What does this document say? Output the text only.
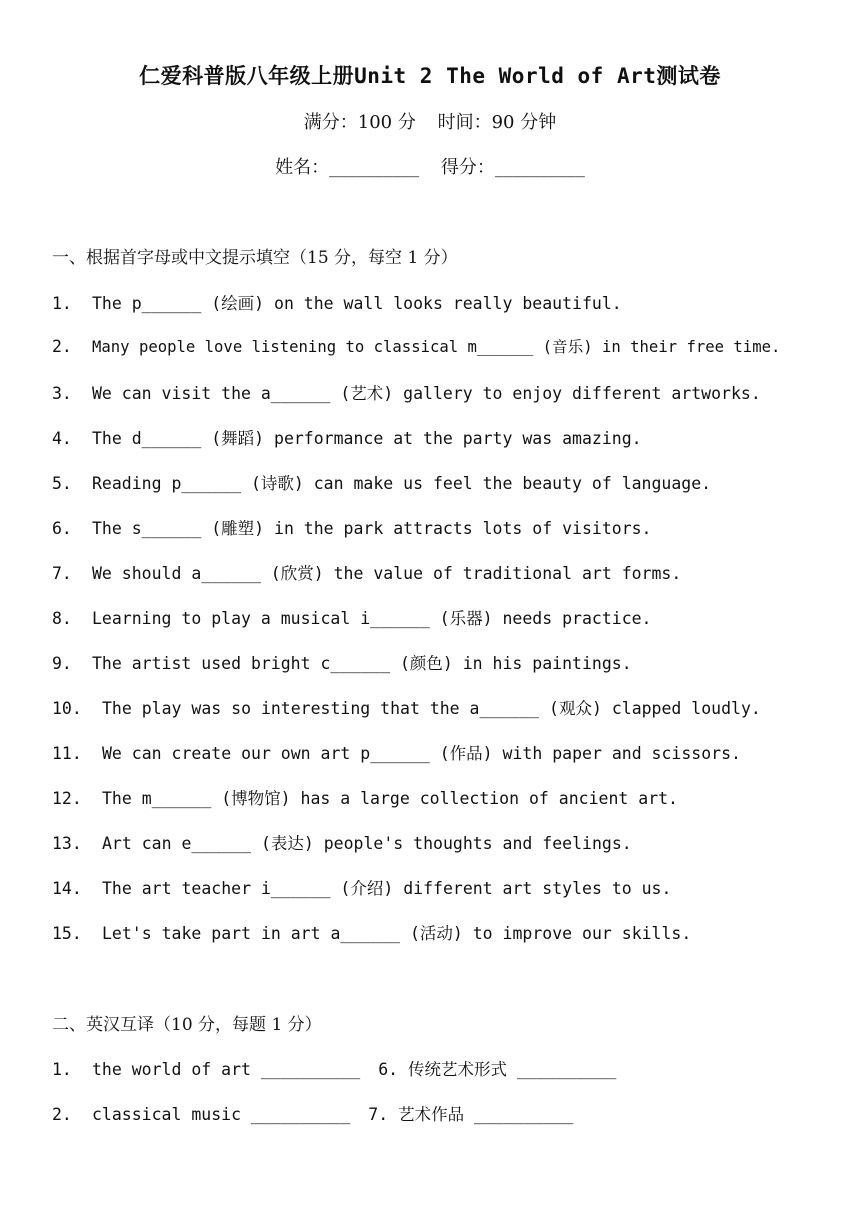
仁爱科普版八年级上册Unit 2 The World of Art测试卷
满分：100 分 时间：90 分钟
姓名：__________ 得分：__________
一、根据首字母或中文提示填空（15 分，每空 1 分）
1. The p______ (绘画) on the wall looks really beautiful.
2. Many people love listening to classical m______ (音乐) in their free time.
3. We can visit the a______ (艺术) gallery to enjoy different artworks.
4. The d______ (舞蹈) performance at the party was amazing.
5. Reading p______ (诗歌) can make us feel the beauty of language.
6. The s______ (雕塑) in the park attracts lots of visitors.
7. We should a______ (欣赏) the value of traditional art forms.
8. Learning to play a musical i______ (乐器) needs practice.
9. The artist used bright c______ (颜色) in his paintings.
10. The play was so interesting that the a______ (观众) clapped loudly.
11. We can create our own art p______ (作品) with paper and scissors.
12. The m______ (博物馆) has a large collection of ancient art.
13. Art can e______ (表达) people's thoughts and feelings.
14. The art teacher i______ (介绍) different art styles to us.
15. Let's take part in art a______ (活动) to improve our skills.
二、英汉互译（10 分，每题 1 分）
1. the world of art __________ 6. 传统艺术形式 __________
2. classical music __________ 7. 艺术作品 __________
